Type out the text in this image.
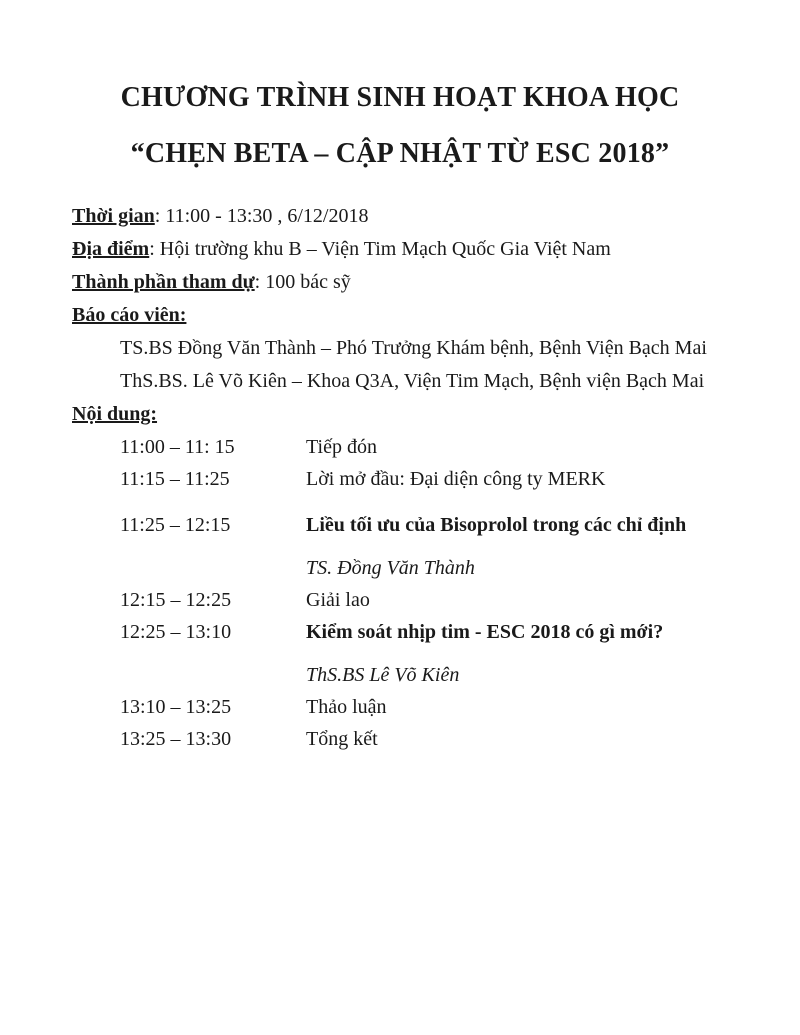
CHƯƠNG TRÌNH SINH HOẠT KHOA HỌC
“CHẸN BETA – CẬP NHẬT TỪ ESC 2018”
Thời gian: 11:00 - 13:30 , 6/12/2018
Địa điểm: Hội trường khu B – Viện Tim Mạch Quốc Gia Việt Nam
Thành phần tham dự: 100 bác sỹ
Báo cáo viên:
TS.BS Đồng Văn Thành – Phó Trưởng Khám bệnh, Bệnh Viện Bạch Mai
ThS.BS. Lê Võ Kiên – Khoa Q3A, Viện Tim Mạch, Bệnh viện Bạch Mai
Nội dung:
11:00 – 11: 15	Tiếp đón
11:15 – 11:25	Lời mở đầu: Đại diện công ty MERK
11:25 – 12:15	Liều tối ưu của Bisoprolol trong các chỉ định
TS. Đồng Văn Thành
12:15 – 12:25	Giải lao
12:25 – 13:10	Kiểm soát nhịp tim - ESC 2018 có gì mới?
ThS.BS Lê Võ Kiên
13:10 – 13:25	Thảo luận
13:25 – 13:30	Tổng kết
